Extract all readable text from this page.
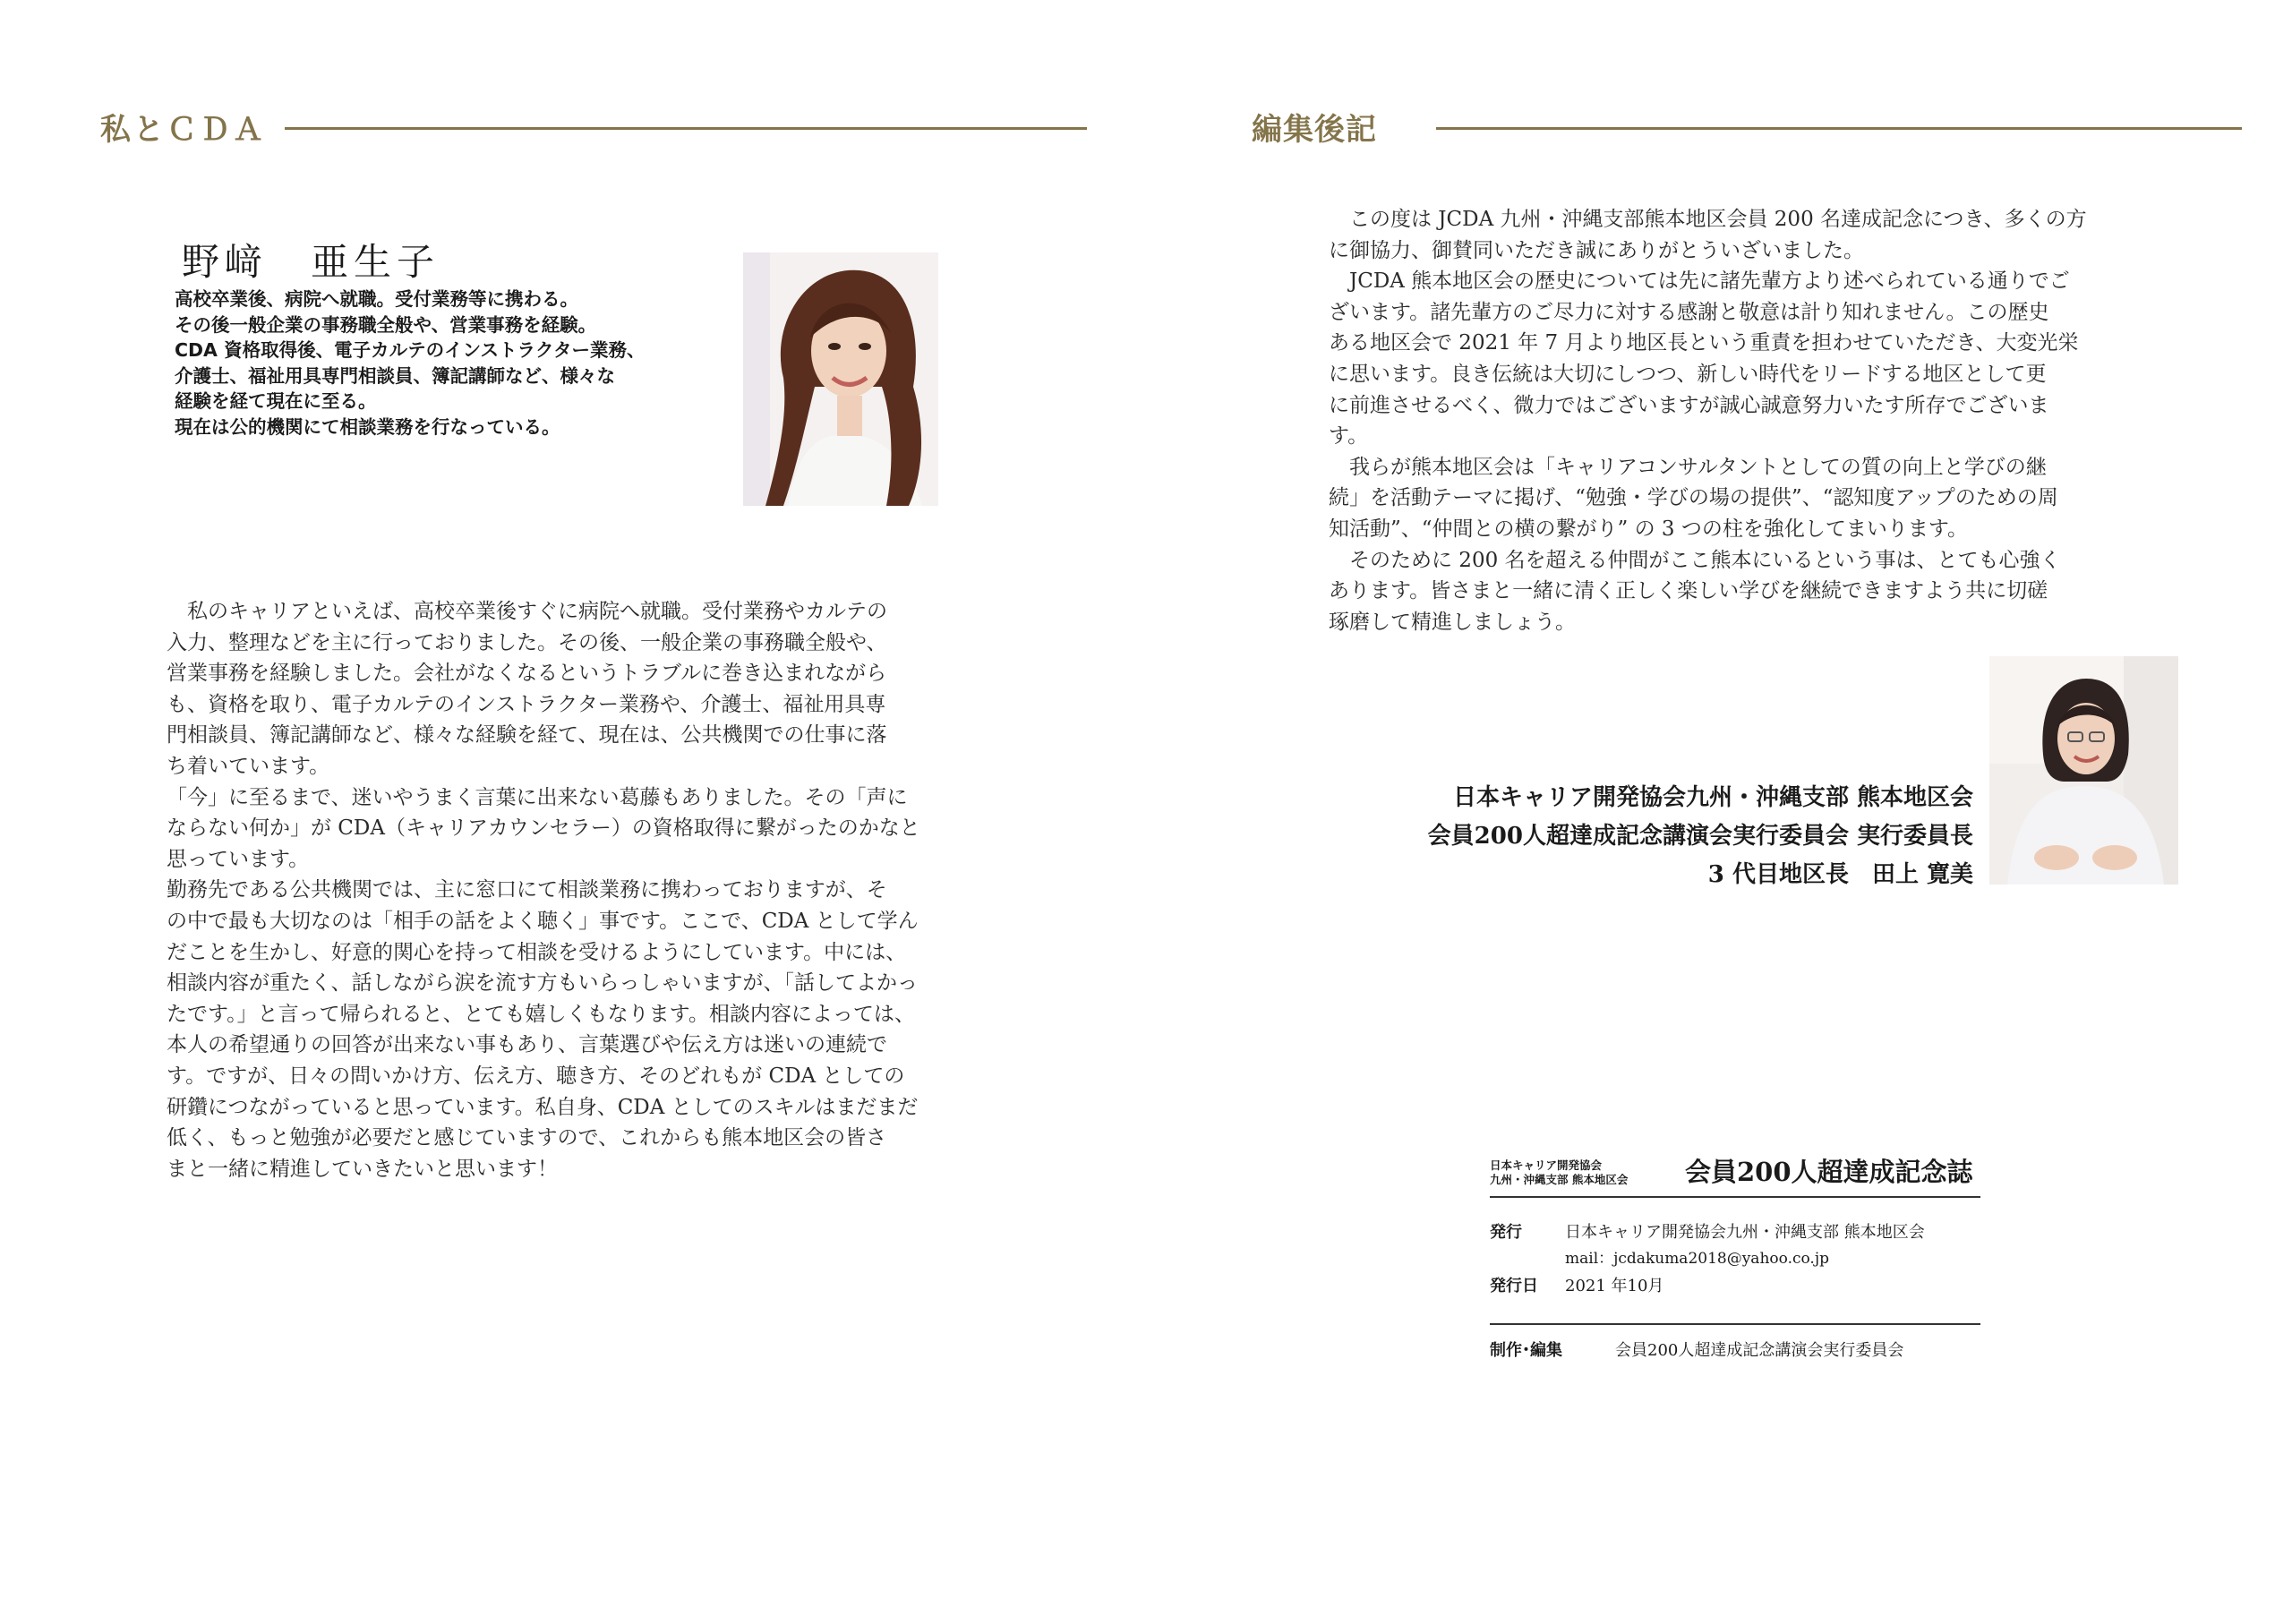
私とＣＤＡ
野﨑　亜生子
高校卒業後、病院へ就職。受付業務等に携わる。
その後一般企業の事務職全般や、営業事務を経験。
CDA 資格取得後、電子カルテのインストラクター業務、
介護士、福祉用具専門相談員、簿記講師など、様々な
経験を経て現在に至る。
現在は公的機関にて相談業務を行なっている。
　私のキャリアといえば、高校卒業後すぐに病院へ就職。受付業務やカルテの
入力、整理などを主に行っておりました。その後、一般企業の事務職全般や、
営業事務を経験しました。会社がなくなるというトラブルに巻き込まれながら
も、資格を取り、電子カルテのインストラクター業務や、介護士、福祉用具専
門相談員、簿記講師など、様々な経験を経て、現在は、公共機関での仕事に落
ち着いています。
「今」に至るまで、迷いやうまく言葉に出来ない葛藤もありました。その「声に
ならない何か」が CDA（キャリアカウンセラー）の資格取得に繋がったのかなと
思っています。
勤務先である公共機関では、主に窓口にて相談業務に携わっておりますが、そ
の中で最も大切なのは「相手の話をよく聴く」事です。ここで、CDA として学ん
だことを生かし、好意的関心を持って相談を受けるようにしています。中には、
相談内容が重たく、話しながら涙を流す方もいらっしゃいますが、「話してよかっ
たです。」と言って帰られると、とても嬉しくもなります。相談内容によっては、
本人の希望通りの回答が出来ない事もあり、言葉選びや伝え方は迷いの連続で
す。ですが、日々の問いかけ方、伝え方、聴き方、そのどれもが CDA としての
研鑽につながっていると思っています。私自身、CDA としてのスキルはまだまだ
低く、もっと勉強が必要だと感じていますので、これからも熊本地区会の皆さ
まと一緒に精進していきたいと思います！
編集後記
　この度は JCDA 九州・沖縄支部熊本地区会員 200 名達成記念につき、多くの方
に御協力、御賛同いただき誠にありがとういざいました。
　JCDA 熊本地区会の歴史については先に諸先輩方より述べられている通りでご
ざいます。諸先輩方のご尽力に対する感謝と敬意は計り知れません。この歴史
ある地区会で 2021 年 7 月より地区長という重責を担わせていただき、大変光栄
に思います。良き伝統は大切にしつつ、新しい時代をリードする地区として更
に前進させるべく、微力ではございますが誠心誠意努力いたす所存でございま
す。
　我らが熊本地区会は「キャリアコンサルタントとしての質の向上と学びの継
続」を活動テーマに掲げ、“勉強・学びの場の提供”、“認知度アップのための周
知活動”、“仲間との横の繋がり” の 3 つの柱を強化してまいります。
　そのために 200 名を超える仲間がここ熊本にいるという事は、とても心強く
あります。皆さまと一緒に清く正しく楽しい学びを継続できますよう共に切磋
琢磨して精進しましょう。
日本キャリア開発協会九州・沖縄支部 熊本地区会
会員200人超達成記念講演会実行委員会 実行委員長
3 代目地区長　田上 寛美
日本キャリア開発協会
九州・沖縄支部 熊本地区会 会員200人超達成記念誌
発行	日本キャリア開発協会九州・沖縄支部 熊本地区会
mail：jcdakuma2018@yahoo.co.jp
発行日 2021 年10月
制作･編集	会員200人超達成記念講演会実行委員会
